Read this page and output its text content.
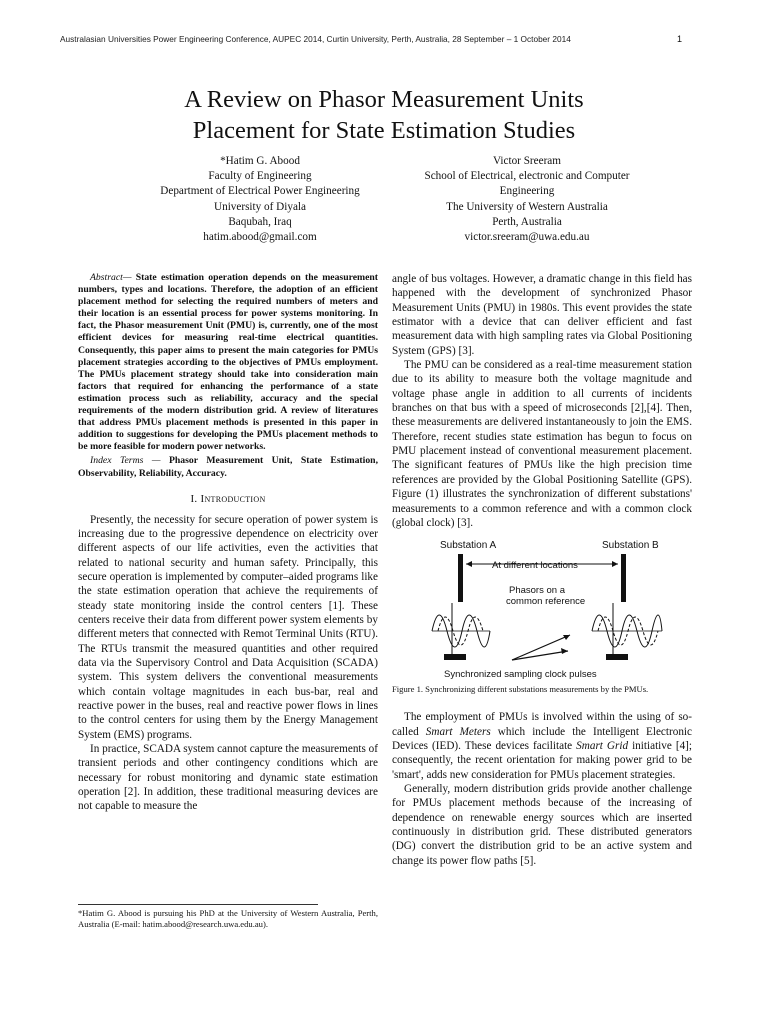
Australasian Universities Power Engineering Conference, AUPEC 2014, Curtin University, Perth, Australia, 28 September – 1 October 2014	1
A Review on Phasor Measurement Units
Placement for State Estimation Studies
*Hatim G. Abood
Faculty of Engineering
Department of Electrical Power Engineering
University of Diyala
Baqubah, Iraq
hatim.abood@gmail.com
Victor Sreeram
School of Electrical, electronic and Computer
Engineering
The University of Western Australia
Perth, Australia
victor.sreeram@uwa.edu.au

Abstract— State estimation operation depends on the measurement numbers, types and locations. Therefore, the adoption of an efficient placement method for selecting the required numbers of meters and their location is an essential process for power systems monitoring. In fact, the Phasor measurement Unit (PMU) is, currently, one of the most efficient devices for measuring real-time electrical quantities. Consequently, this paper aims to present the main categories for PMUs placement strategies according to the objectives of PMUs employment. The PMUs placement strategy should take into consideration main factors that required for enhancing the performance of a state estimation process such as reliability, accuracy and the special requirements of the modern distribution grid. A review of literatures that address PMUs placement methods is presented in this paper in addition to suggestions for developing the PMUs placement methods to be more feasible for modern power networks.

Index Terms — Phasor Measurement Unit, State Estimation, Observability, Reliability, Accuracy.

I. Introduction

Presently, the necessity for secure operation of power system is increasing due to the progressive dependence on electricity over different aspects of our life activities, even the activities that related to national security and human safety. Principally, this secure operation is implemented by computer–aided programs like the state estimation operation that achieve the requirements of steady state monitoring inside the control centers [1]. These centers receive their data from different power system elements by different meters that connected with Remot Terminal Units (RTU). The RTUs transmit the measured quantities and other required data via the Supervisory Control and Data Acquisition (SCADA) system. This system delivers the conventional measurements which contain voltage magnitudes in each bus-bar, real and reactive power in the buses, real and reactive power flows in lines to the control centers for using them by the Energy Management System (EMS) programs.

In practice, SCADA system cannot capture the measurements of transient periods and other contingency conditions which are necessary for robust monitoring and dynamic state estimation operation [2]. In addition, these traditional measuring devices are not capable to measure the

angle of bus voltages. However, a dramatic change in this field has happened with the development of synchronized Phasor Measurement Units (PMU) in 1980s. This event provides the state estimator with a device that can deliver efficient and fast measurement data with high sampling rates via Global Positioning System (GPS) [3].

The PMU can be considered as a real-time measurement station due to its ability to measure both the voltage magnitude and voltage phase angle in addition to all currents of incidents branches on that bus with a speed of microseconds [2],[4]. Then, these measurements are delivered instantaneously to join the EMS. Therefore, recent studies state estimation has begun to focus on PMU placement instead of conventional measurement placement. The significant features of PMUs like the high precision time references are provided by the Global Positioning Satellite (GPS). Figure (1) illustrates the synchronization of different substations' measurements to a common reference and with a common clock (global clock) [3].

Substation A	Substation B
At different locations
Phasors on a
common reference
Synchronized sampling clock pulses
Figure 1. Synchronizing different substations measurements by the PMUs.

The employment of PMUs is involved within the using of so-called Smart Meters which include the Intelligent Electronic Devices (IED). These devices facilitate Smart Grid initiative [4]; consequently, the recent orientation for making power grid to be 'smart', adds new consideration for PMUs placement strategies.

Generally, modern distribution grids provide another challenge for PMUs placement methods because of the increasing of dependence on renewable energy sources which are inserted continuously in distribution grid. These distributed generators (DG) convert the distribution grid to be an active system and change its power flow paths [5].

*Hatim G. Abood is pursuing his PhD at the University of Western Australia, Perth, Australia (E-mail: hatim.abood@research.uwa.edu.au).
